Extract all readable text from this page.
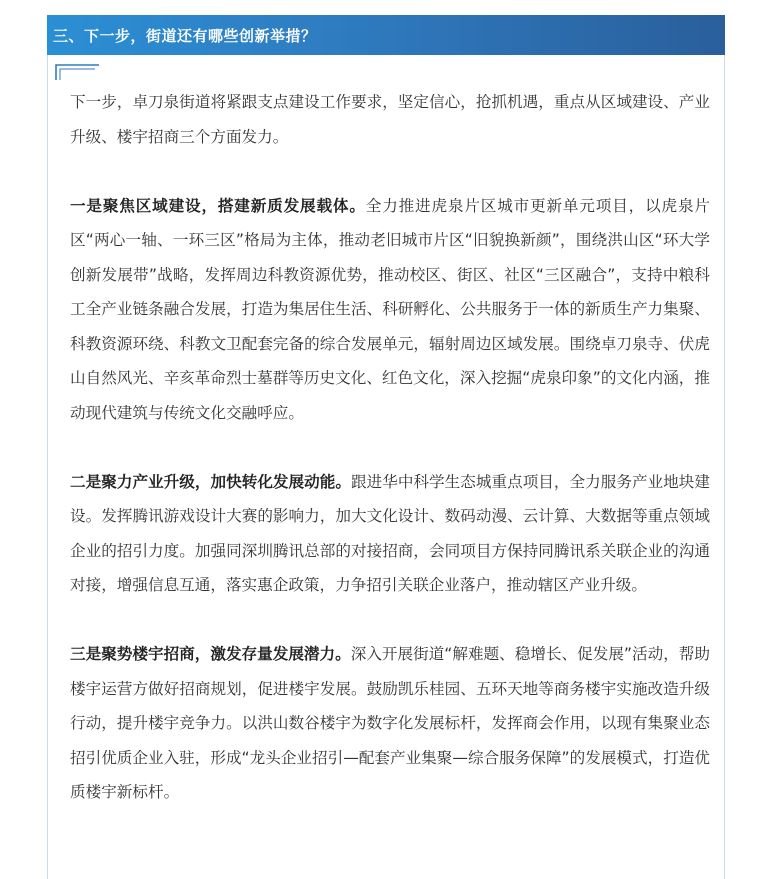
三、下一步，街道还有哪些创新举措？

下一步，卓刀泉街道将紧跟支点建设工作要求，坚定信心，抢抓机遇，重点从区域建设、产业升级、楼宇招商三个方面发力。

一是聚焦区域建设，搭建新质发展载体。全力推进虎泉片区城市更新单元项目，以虎泉片区“两心一轴、一环三区”格局为主体，推动老旧城市片区“旧貌换新颜”，围绕洪山区“环大学创新发展带”战略，发挥周边科教资源优势，推动校区、街区、社区“三区融合”，支持中粮科工全产业链条融合发展，打造为集居住生活、科研孵化、公共服务于一体的新质生产力集聚、科教资源环绕、科教文卫配套完备的综合发展单元，辐射周边区域发展。围绕卓刀泉寺、伏虎山自然风光、辛亥革命烈士墓群等历史文化、红色文化，深入挖掘“虎泉印象”的文化内涵，推动现代建筑与传统文化交融呼应。

二是聚力产业升级，加快转化发展动能。跟进华中科学生态城重点项目，全力服务产业地块建设。发挥腾讯游戏设计大赛的影响力，加大文化设计、数码动漫、云计算、大数据等重点领域企业的招引力度。加强同深圳腾讯总部的对接招商，会同项目方保持同腾讯系关联企业的沟通对接，增强信息互通，落实惠企政策，力争招引关联企业落户，推动辖区产业升级。

三是聚势楼宇招商，激发存量发展潜力。深入开展街道“解难题、稳增长、促发展”活动，帮助楼宇运营方做好招商规划，促进楼宇发展。鼓励凯乐桂园、五环天地等商务楼宇实施改造升级行动，提升楼宇竞争力。以洪山数谷楼宇为数字化发展标杆，发挥商会作用，以现有集聚业态招引优质企业入驻，形成“龙头企业招引—配套产业集聚—综合服务保障”的发展模式，打造优质楼宇新标杆。
